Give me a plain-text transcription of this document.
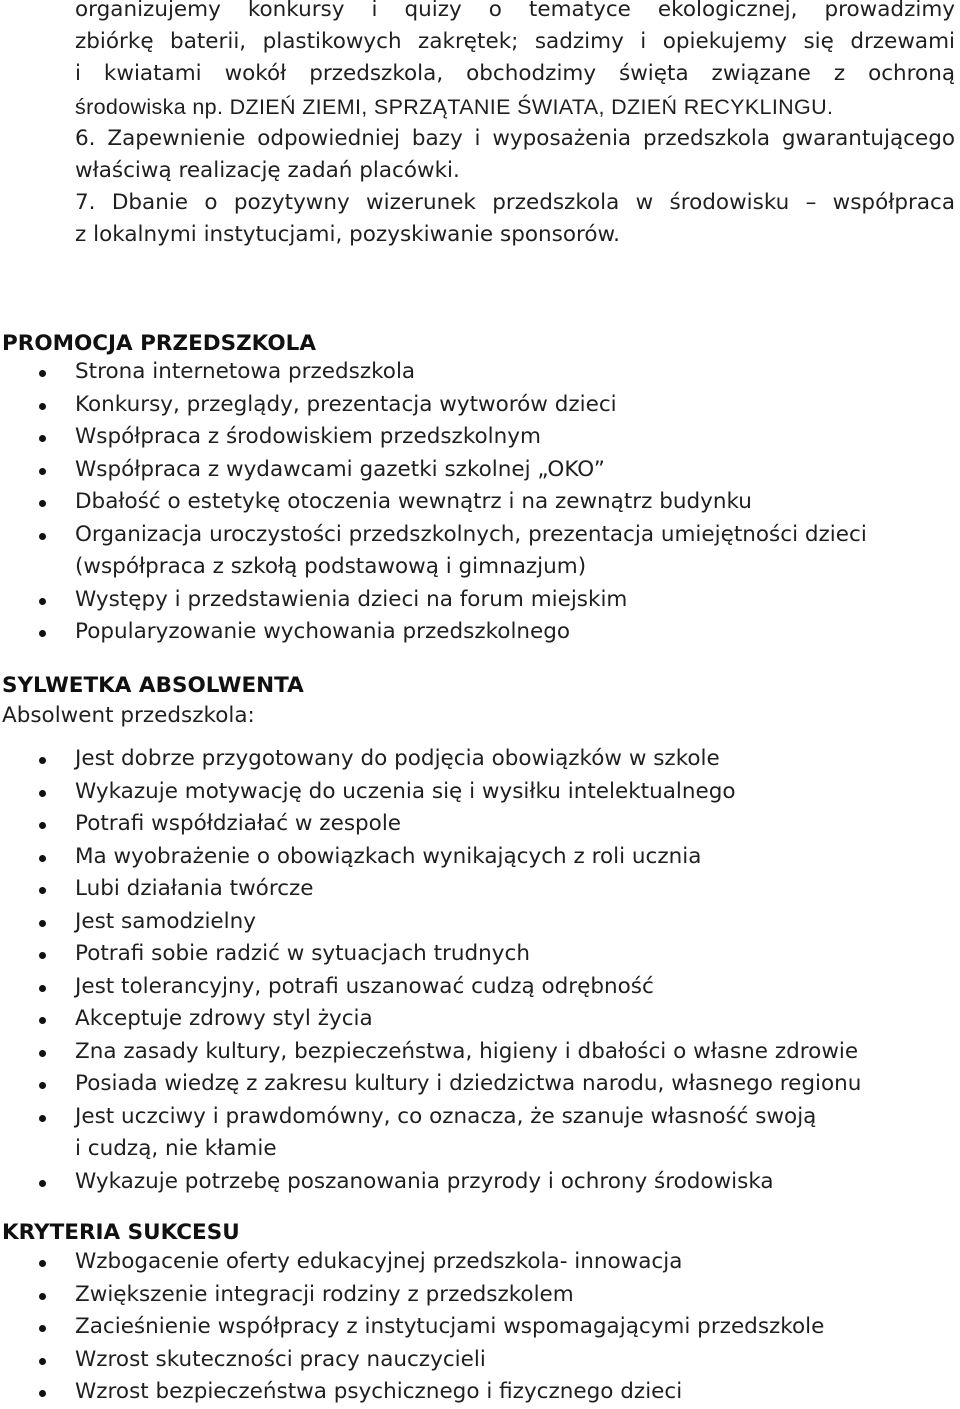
organizujemy konkursy i quizy o tematyce ekologicznej, prowadzimy

zbiórkę baterii, plastikowych zakrętek; sadzimy i opiekujemy się drzewami

i kwiatami wokół przedszkola, obchodzimy święta związane z ochroną

środowiska np. DZIEŃ ZIEMI, SPRZĄTANIE ŚWIATA, DZIEŃ RECYKLINGU.

6. Zapewnienie odpowiedniej bazy i wyposażenia przedszkola gwarantującego

właściwą realizację zadań placówki.

7. Dbanie o pozytywny wizerunek przedszkola w środowisku – współpraca

z lokalnymi instytucjami, pozyskiwanie sponsorów.

PROMOCJA PRZEDSZKOLA
Strona internetowa przedszkola
Konkursy, przeglądy, prezentacja wytworów dzieci
Współpraca z środowiskiem przedszkolnym
Współpraca z wydawcami gazetki szkolnej „OKO”
Dbałość o estetykę otoczenia wewnątrz i na zewnątrz budynku
Organizacja uroczystości przedszkolnych, prezentacja umiejętności dzieci
(współpraca z szkołą podstawową i gimnazjum)
Występy i przedstawienia dzieci na forum miejskim
Popularyzowanie wychowania przedszkolnego
SYLWETKA ABSOLWENTA

Absolwent przedszkola:

Jest dobrze przygotowany do podjęcia obowiązków w szkole
Wykazuje motywację do uczenia się i wysiłku intelektualnego
Potrafi współdziałać w zespole
Ma wyobrażenie o obowiązkach wynikających z roli ucznia
Lubi działania twórcze
Jest samodzielny
Potrafi sobie radzić w sytuacjach trudnych
Jest tolerancyjny, potrafi uszanować cudzą odrębność
Akceptuje zdrowy styl życia
Zna zasady kultury, bezpieczeństwa, higieny i dbałości o własne zdrowie
Posiada wiedzę z zakresu kultury i dziedzictwa narodu, własnego regionu
Jest uczciwy i prawdomówny, co oznacza, że szanuje własność swoją
i cudzą, nie kłamie
Wykazuje potrzebę poszanowania przyrody i ochrony środowiska
KRYTERIA SUKCESU
Wzbogacenie oferty edukacyjnej przedszkola- innowacja
Zwiększenie integracji rodziny z przedszkolem
Zacieśnienie współpracy z instytucjami wspomagającymi przedszkole
Wzrost skuteczności pracy nauczycieli
Wzrost bezpieczeństwa psychicznego i fizycznego dzieci
